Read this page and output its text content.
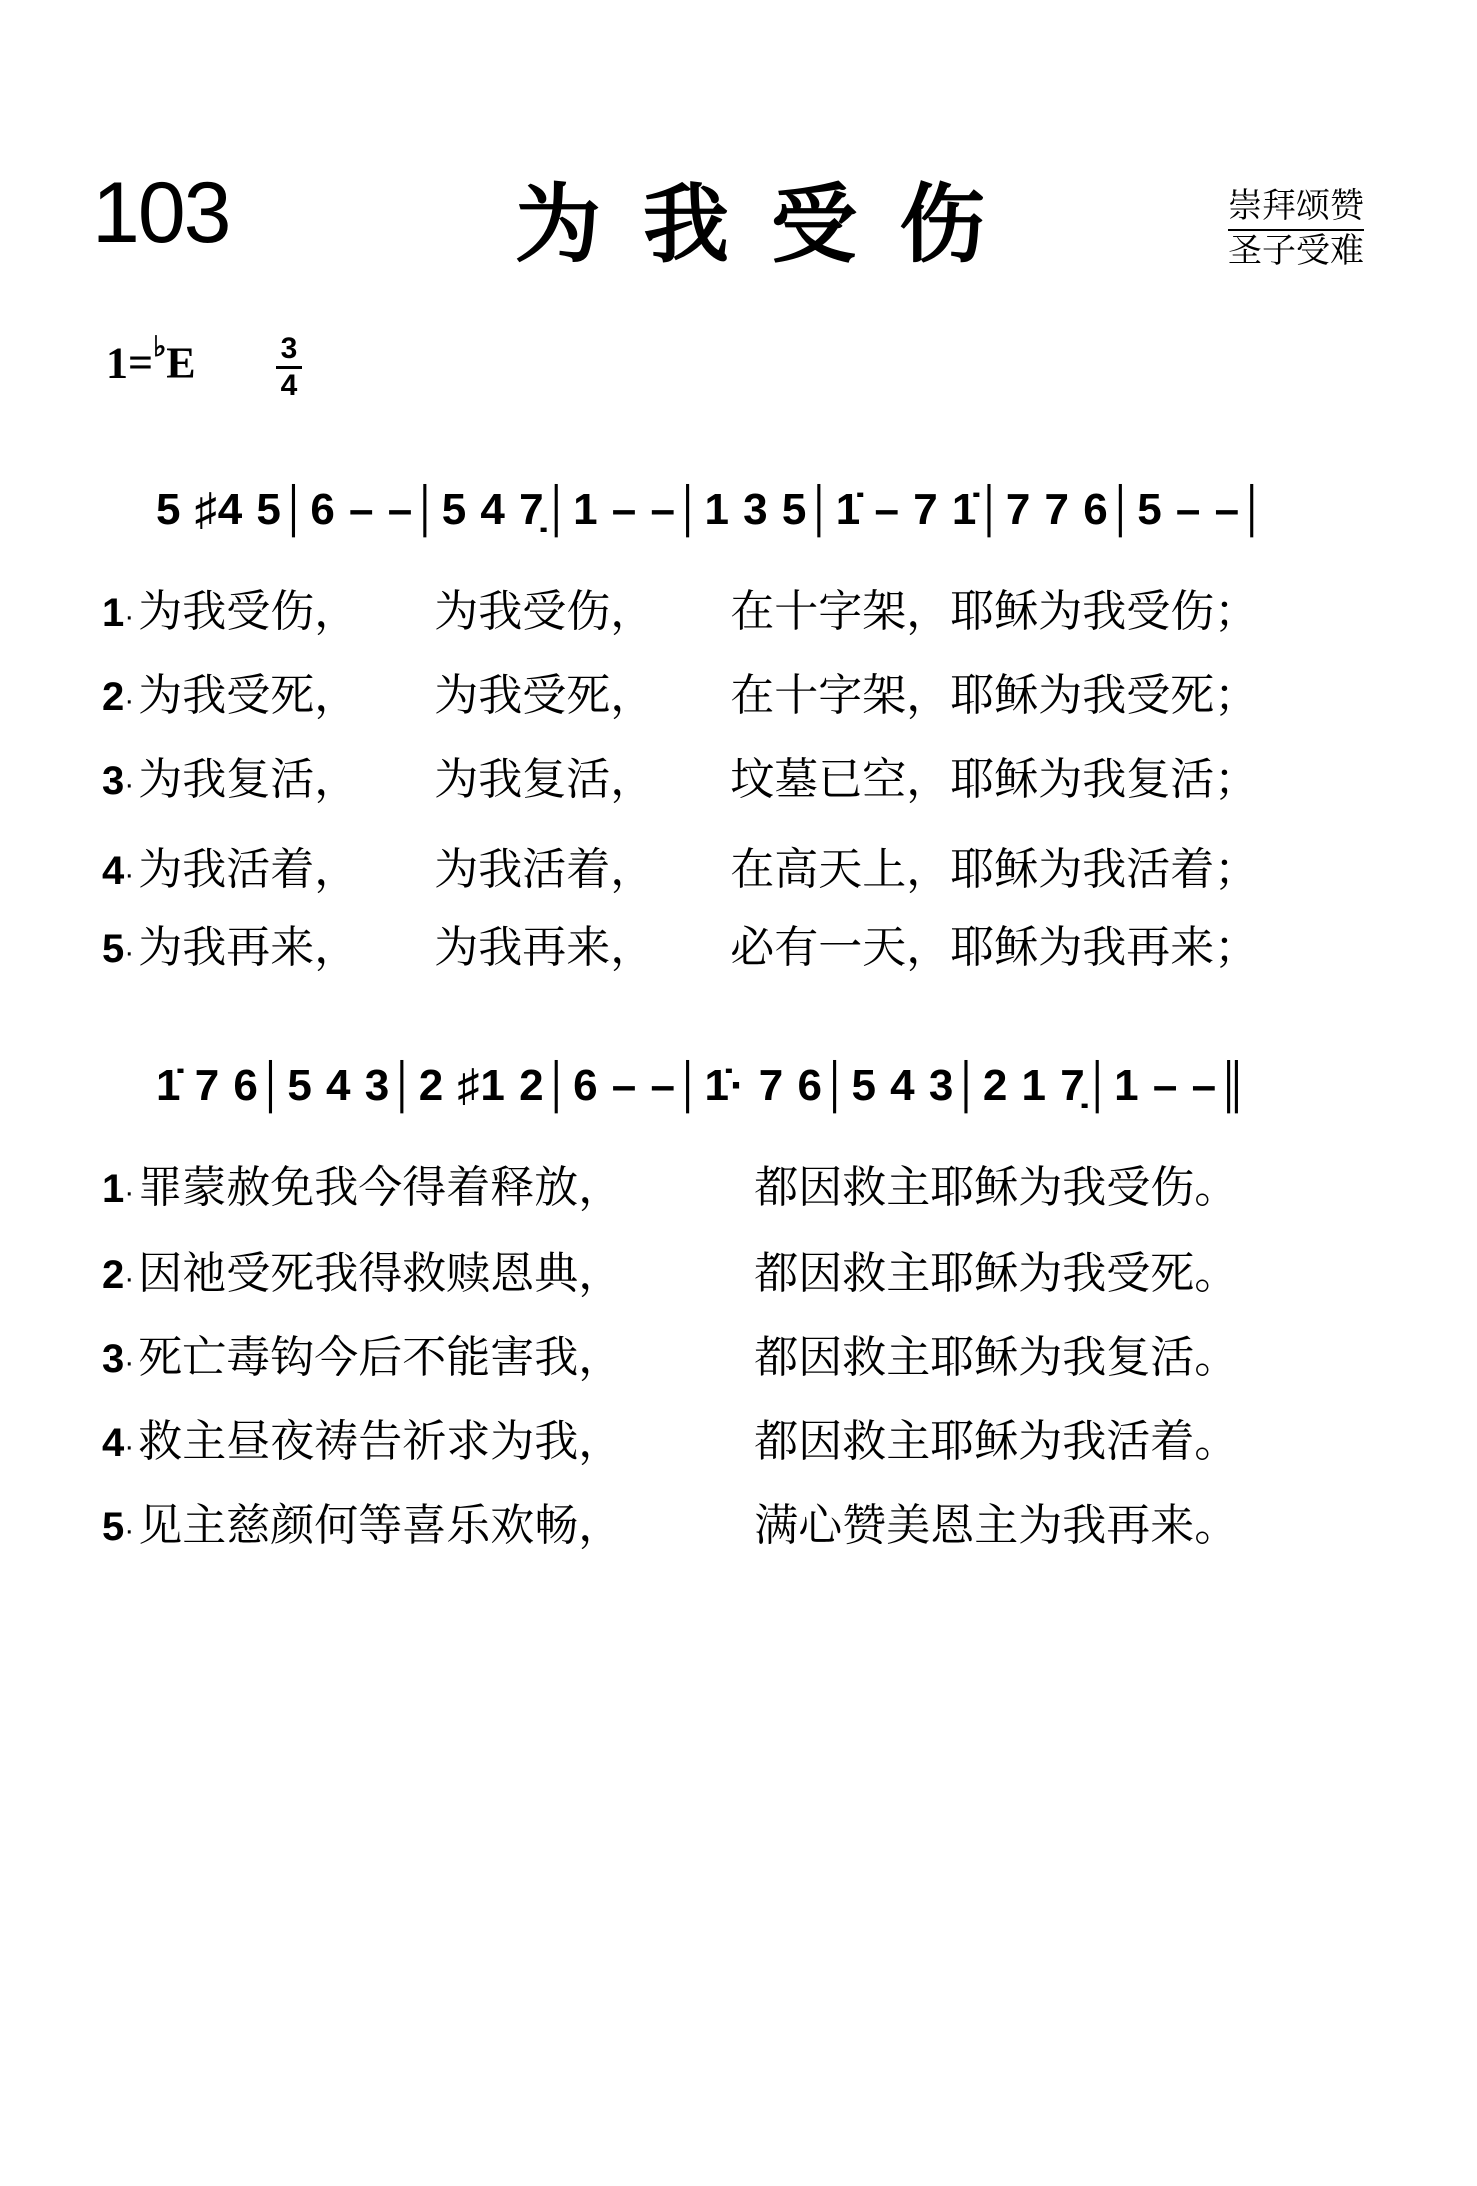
103	为我受伤	崇拜颂赞
圣子受难
1=♭E	3
4
5 ♯4 5│6 – –│5 4 7̣│1 – –│1 3 5│1̇ – 7 1̇│7 7 6│5 – –│
1·为我受伤， 为我受伤， 在十字架，耶稣为我受伤；
2·为我受死， 为我受死， 在十字架，耶稣为我受死；
3·为我复活， 为我复活， 坟墓已空，耶稣为我复活；
4·为我活着， 为我活着， 在高天上，耶稣为我活着；
5·为我再来， 为我再来， 必有一天，耶稣为我再来；
1̇ 7 6│5 4 3│2 ♯1 2│6 – –│1̇· 7 6│5 4 3│2 1 7̣│1 – –║
1·罪蒙赦免我今得着释放，	都因救主耶稣为我受伤。
2·因祂受死我得救赎恩典，	都因救主耶稣为我受死。
3·死亡毒钩今后不能害我，	都因救主耶稣为我复活。
4·救主昼夜祷告祈求为我，	都因救主耶稣为我活着。
5·见主慈颜何等喜乐欢畅，	满心赞美恩主为我再来。
